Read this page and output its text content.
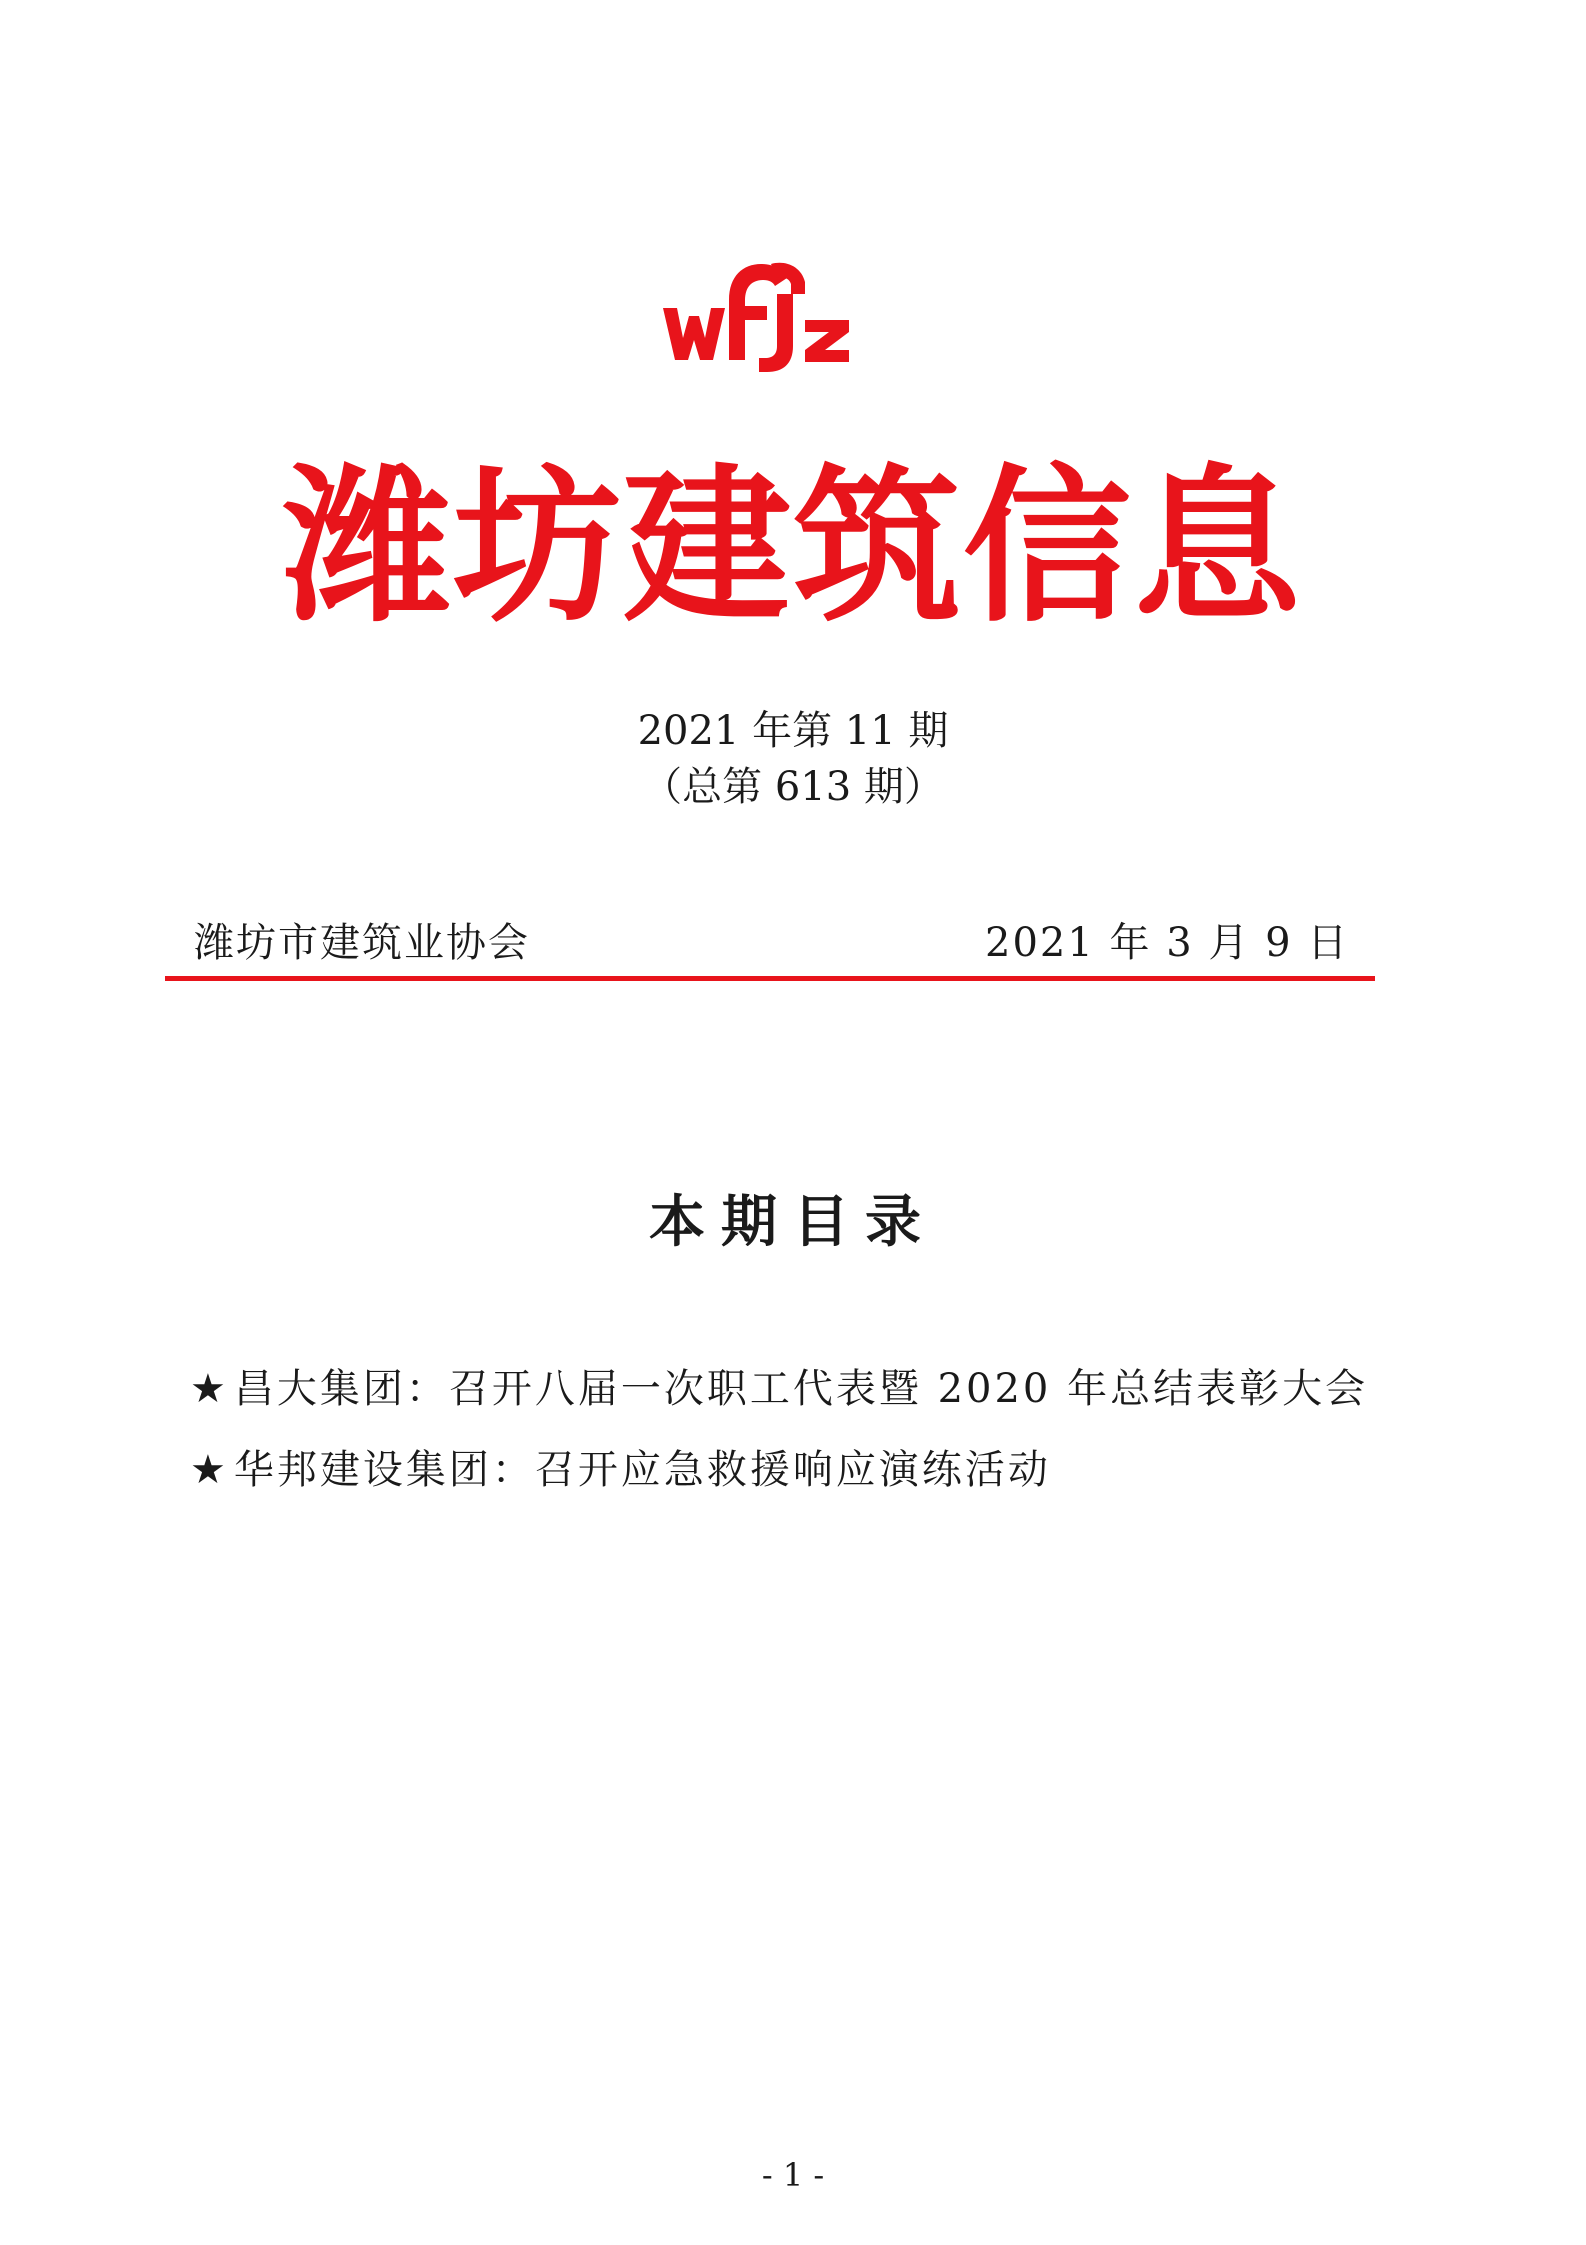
潍坊建筑信息
2021 年第 11 期
（总第 613 期）
潍坊市建筑业协会	2021 年 3 月 9 日
本期目录
★ 昌大集团：召开八届一次职工代表暨 2020 年总结表彰大会
★ 华邦建设集团：召开应急救援响应演练活动
- 1 -
